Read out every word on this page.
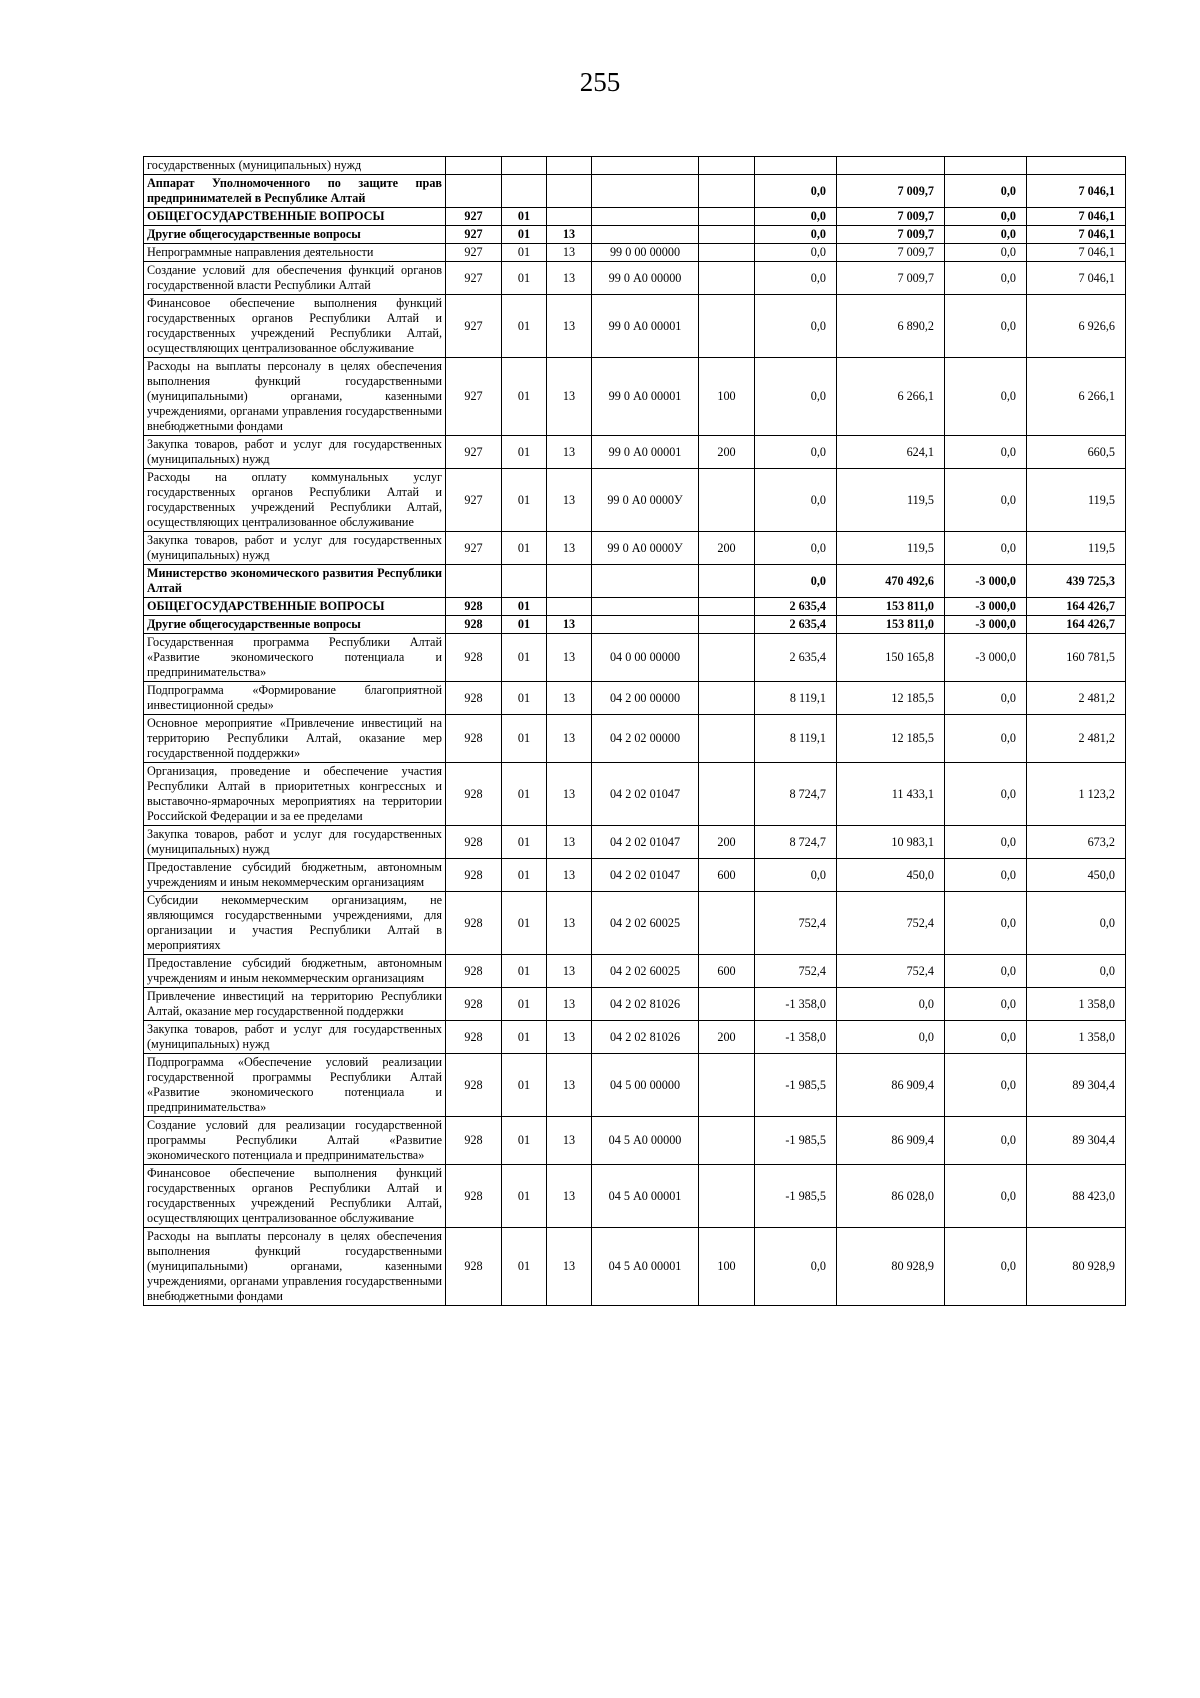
255
государственных (муниципальных) нужд									
Аппарат Уполномоченного по защите прав предпринимателей в Республике Алтай						0,0	7 009,7	0,0	7 046,1
ОБЩЕГОСУДАРСТВЕННЫЕ ВОПРОСЫ	927	01				0,0	7 009,7	0,0	7 046,1
Другие общегосударственные вопросы	927	01	13			0,0	7 009,7	0,0	7 046,1
Непрограммные направления деятельности	927	01	13	99 0 00 00000		0,0	7 009,7	0,0	7 046,1
Создание условий для обеспечения функций органов государственной власти Республики Алтай	927	01	13	99 0 А0 00000		0,0	7 009,7	0,0	7 046,1
Финансовое обеспечение выполнения функций государственных органов Республики Алтай и государственных учреждений Республики Алтай, осуществляющих централизованное обслуживание	927	01	13	99 0 А0 00001		0,0	6 890,2	0,0	6 926,6
Расходы на выплаты персоналу в целях обеспечения выполнения функций государственными (муниципальными) органами, казенными учреждениями, органами управления государственными внебюджетными фондами	927	01	13	99 0 А0 00001	100	0,0	6 266,1	0,0	6 266,1
Закупка товаров, работ и услуг для государственных (муниципальных) нужд	927	01	13	99 0 А0 00001	200	0,0	624,1	0,0	660,5
Расходы на оплату коммунальных услуг государственных органов Республики Алтай и государственных учреждений Республики Алтай, осуществляющих централизованное обслуживание	927	01	13	99 0 А0 0000У		0,0	119,5	0,0	119,5
Закупка товаров, работ и услуг для государственных (муниципальных) нужд	927	01	13	99 0 А0 0000У	200	0,0	119,5	0,0	119,5
Министерство экономического развития Республики Алтай						0,0	470 492,6	-3 000,0	439 725,3
ОБЩЕГОСУДАРСТВЕННЫЕ ВОПРОСЫ	928	01				2 635,4	153 811,0	-3 000,0	164 426,7
Другие общегосударственные вопросы	928	01	13			2 635,4	153 811,0	-3 000,0	164 426,7
Государственная программа Республики Алтай «Развитие экономического потенциала и предпринимательства»	928	01	13	04 0 00 00000		2 635,4	150 165,8	-3 000,0	160 781,5
Подпрограмма «Формирование благоприятной инвестиционной среды»	928	01	13	04 2 00 00000		8 119,1	12 185,5	0,0	2 481,2
Основное мероприятие «Привлечение инвестиций на территорию Республики Алтай, оказание мер государственной поддержки»	928	01	13	04 2 02 00000		8 119,1	12 185,5	0,0	2 481,2
Организация, проведение и обеспечение участия Республики Алтай в приоритетных конгрессных и выставочно-ярмарочных мероприятиях на территории Российской Федерации и за ее пределами	928	01	13	04 2 02 01047		8 724,7	11 433,1	0,0	1 123,2
Закупка товаров, работ и услуг для государственных (муниципальных) нужд	928	01	13	04 2 02 01047	200	8 724,7	10 983,1	0,0	673,2
Предоставление субсидий бюджетным, автономным учреждениям и иным некоммерческим организациям	928	01	13	04 2 02 01047	600	0,0	450,0	0,0	450,0
Субсидии некоммерческим организациям, не являющимся государственными учреждениями, для организации и участия Республики Алтай в мероприятиях	928	01	13	04 2 02 60025		752,4	752,4	0,0	0,0
Предоставление субсидий бюджетным, автономным учреждениям и иным некоммерческим организациям	928	01	13	04 2 02 60025	600	752,4	752,4	0,0	0,0
Привлечение инвестиций на территорию Республики Алтай, оказание мер государственной поддержки	928	01	13	04 2 02 81026		-1 358,0	0,0	0,0	1 358,0
Закупка товаров, работ и услуг для государственных (муниципальных) нужд	928	01	13	04 2 02 81026	200	-1 358,0	0,0	0,0	1 358,0
Подпрограмма «Обеспечение условий реализации государственной программы Республики Алтай «Развитие экономического потенциала и предпринимательства»	928	01	13	04 5 00 00000		-1 985,5	86 909,4	0,0	89 304,4
Создание условий для реализации государственной программы Республики Алтай «Развитие экономического потенциала и предпринимательства»	928	01	13	04 5 А0 00000		-1 985,5	86 909,4	0,0	89 304,4
Финансовое обеспечение выполнения функций государственных органов Республики Алтай и государственных учреждений Республики Алтай, осуществляющих централизованное обслуживание	928	01	13	04 5 А0 00001		-1 985,5	86 028,0	0,0	88 423,0
Расходы на выплаты персоналу в целях обеспечения выполнения функций государственными (муниципальными) органами, казенными учреждениями, органами управления государственными внебюджетными фондами	928	01	13	04 5 А0 00001	100	0,0	80 928,9	0,0	80 928,9
